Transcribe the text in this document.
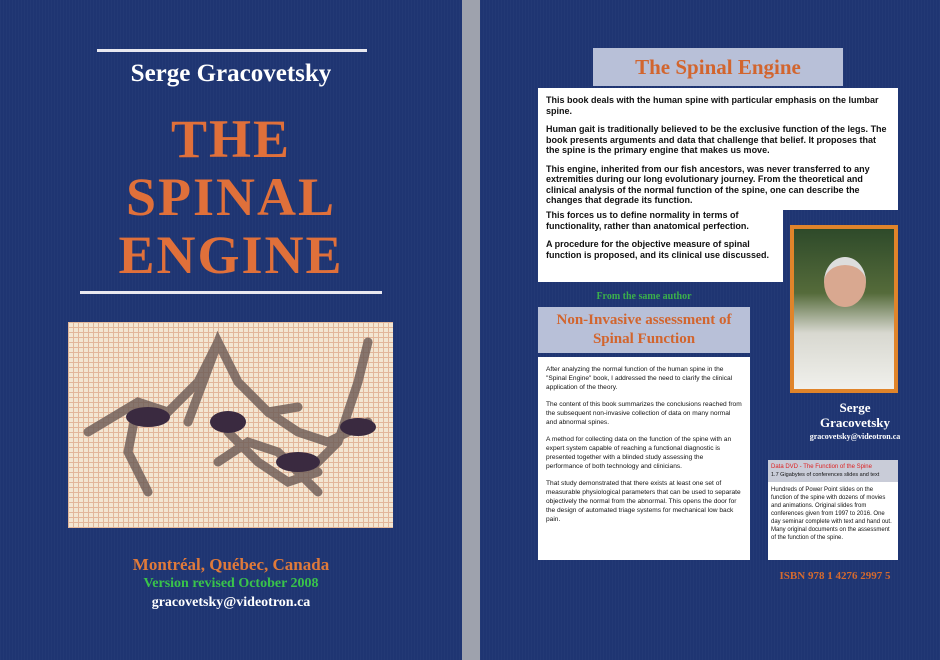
Serge Gracovetsky
THE
SPINAL
ENGINE
Montréal, Québec, Canada
Version revised October 2008
gracovetsky@videotron.ca
The Spinal Engine

This book deals with the human spine with particular emphasis on the lumbar spine.

Human gait is traditionally believed to be the exclusive function of the legs. The book presents arguments and data that challenge that belief. It proposes that the spine is the primary engine that makes us move.

This engine, inherited from our fish ancestors, was never transferred to any extremities during our long evolutionary journey. From the theoretical and clinical analysis of the normal function of the spine, one can describe the changes that degrade its function.

This forces us to define normality in terms of functionality, rather than anatomical perfection.

A procedure for the objective measure of spinal function is proposed, and its clinical use discussed.

From the same author
Non-Invasive assessment of Spinal Function

After analyzing the normal function of the human spine in the "Spinal Engine" book, I addressed the need to clarify the clinical application of the theory.

The content of this book summarizes the conclusions reached from the subsequent non-invasive collection of data on many normal and abnormal spines.

A method for collecting data on the function of the spine with an expert system capable of reaching a functional diagnostic is presented together with a blinded study assessing the performance of both technology and clinicians.

That study demonstrated that there exists at least one set of measurable physiological parameters that can be used to separate objectively the normal from the abnormal. This opens the door for the design of automated triage systems for mechanical low back pain.

Serge
Gracovetsky
gracovetsky@videotron.ca
Data DVD - The Function of the Spine
1.7 Gigabytes of conferences slides and text
Hundreds of Power Point slides on the function of the spine with dozens of movies and animations. Original slides from conferences given from 1997 to 2016. One day seminar complete with text and hand out. Many original documents on the assessment of the function of the spine.
ISBN 978 1 4276 2997 5
